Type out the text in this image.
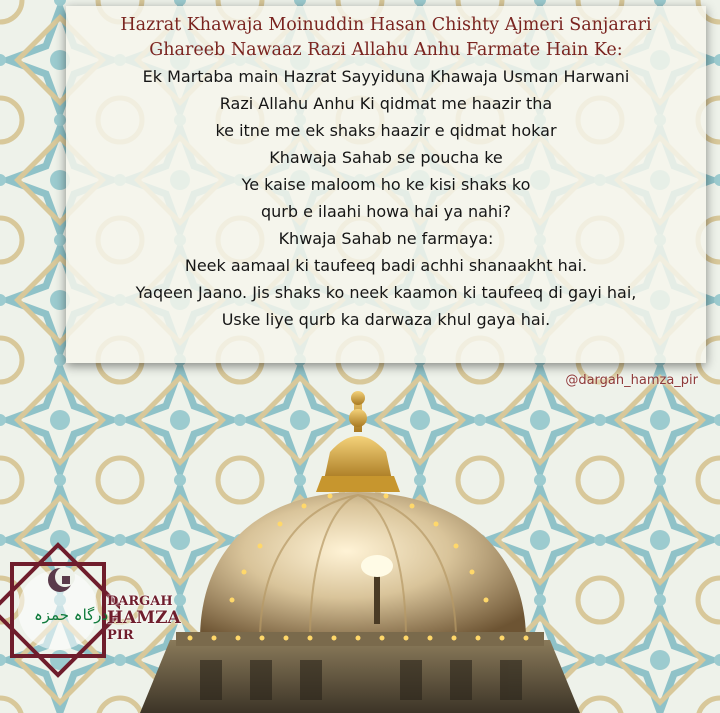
Hazrat Khawaja Moinuddin Hasan Chishty Ajmeri Sanjarari
Ghareeb Nawaaz Razi Allahu Anhu Farmate Hain Ke:
Ek Martaba main Hazrat Sayyiduna Khawaja Usman Harwani
Razi Allahu Anhu Ki qidmat me haazir tha
ke itne me ek shaks haazir e qidmat hokar
Khawaja Sahab se poucha ke
Ye kaise maloom ho ke kisi shaks ko
qurb e ilaahi howa hai ya nahi?
Khwaja Sahab ne farmaya:
Neek aamaal ki taufeeq badi achhi shanaakht hai.
Yaqeen Jaano. Jis shaks ko neek kaamon ki taufeeq di gayi hai,
Uske liye qurb ka darwaza khul gaya hai.
@dargah_hamza_pir
درگاہ حمزہ
DARGAH
HAMZA
PIR
